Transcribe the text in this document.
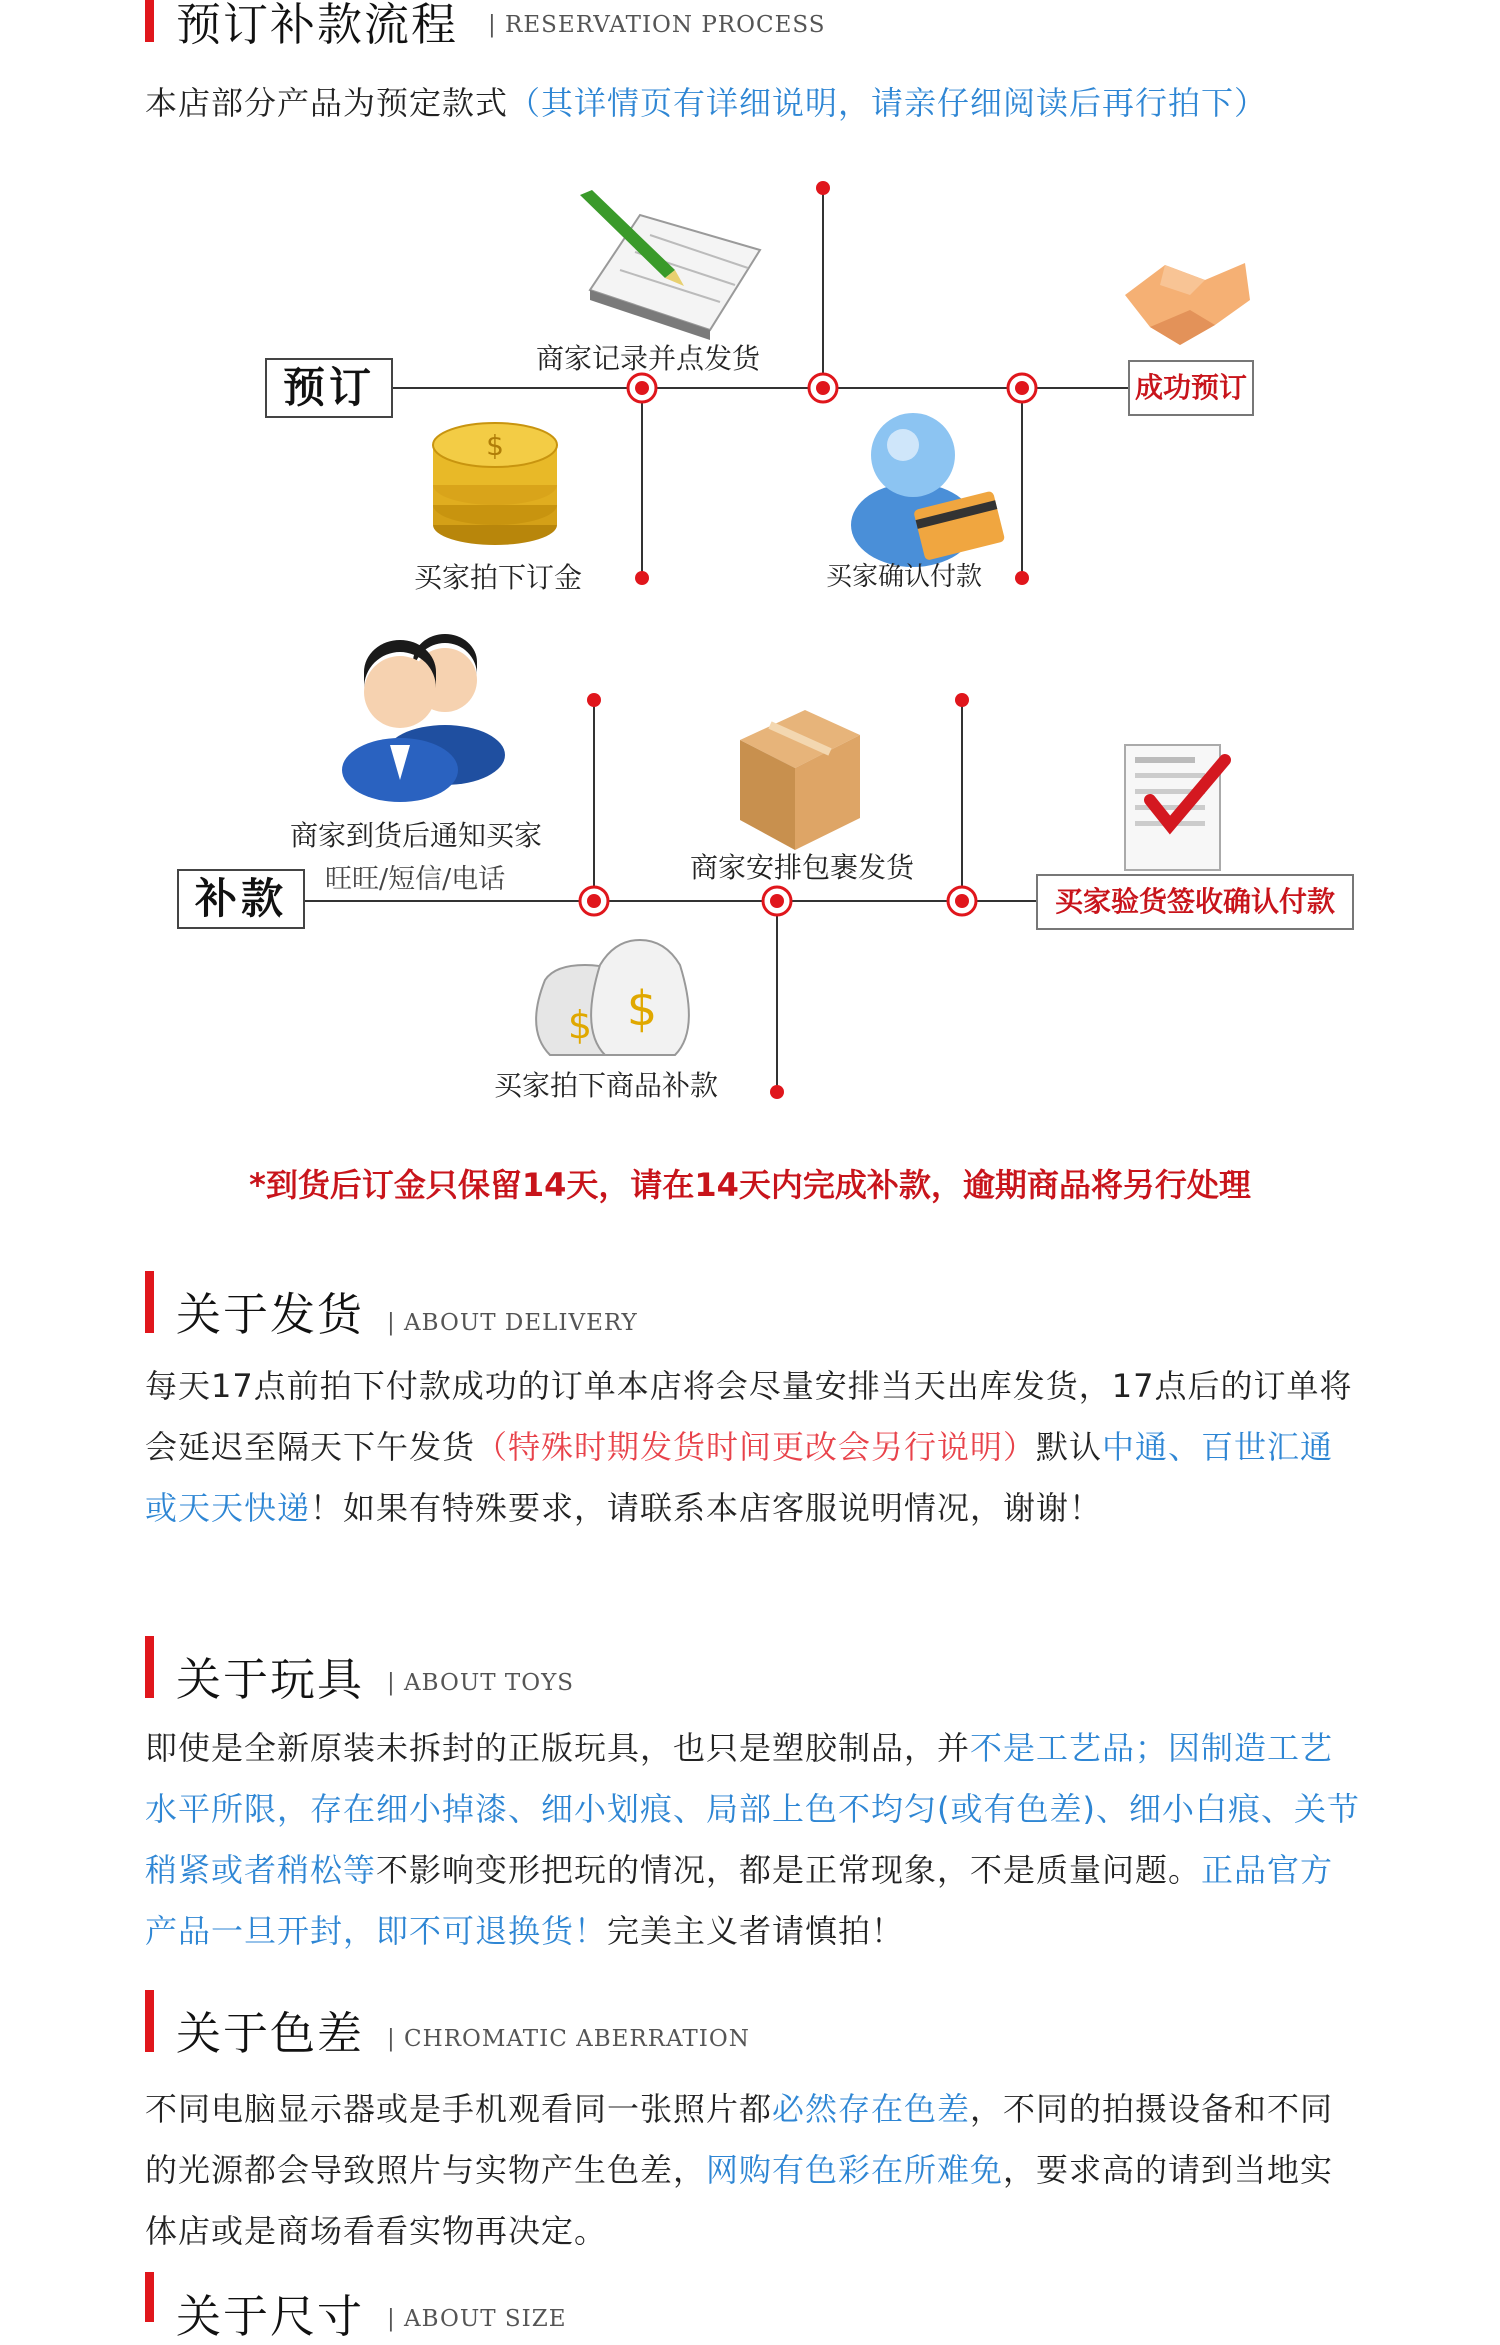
预订补款流程 | RESERVATION PROCESS
本店部分产品为预定款式（其详情页有详细说明，请亲仔细阅读后再行拍下）
$
预订
商家记录并点发货
买家拍下订金	买家确认付款
成功预订
$ $
商家到货后通知买家
旺旺/短信/电话
补款
商家安排包裹发货
买家拍下商品补款
买家验货签收确认付款
*到货后订金只保留14天，请在14天内完成补款，逾期商品将另行处理
关于发货 | ABOUT DELIVERY
每天17点前拍下付款成功的订单本店将会尽量安排当天出库发货，17点后的订单将会延迟至隔天下午发货（特殊时期发货时间更改会另行说明）默认中通、百世汇通或天天快递！如果有特殊要求，请联系本店客服说明情况，谢谢！
关于玩具 | ABOUT TOYS
即使是全新原装未拆封的正版玩具，也只是塑胶制品，并不是工艺品；因制造工艺水平所限，存在细小掉漆、细小划痕、局部上色不均匀(或有色差)、细小白痕、关节稍紧或者稍松等不影响变形把玩的情况，都是正常现象，不是质量问题。正品官方产品一旦开封，即不可退换货！完美主义者请慎拍！
关于色差 | CHROMATIC ABERRATION
不同电脑显示器或是手机观看同一张照片都必然存在色差，不同的拍摄设备和不同的光源都会导致照片与实物产生色差，网购有色彩在所难免，要求高的请到当地实体店或是商场看看实物再决定。
关于尺寸 | ABOUT SIZE
